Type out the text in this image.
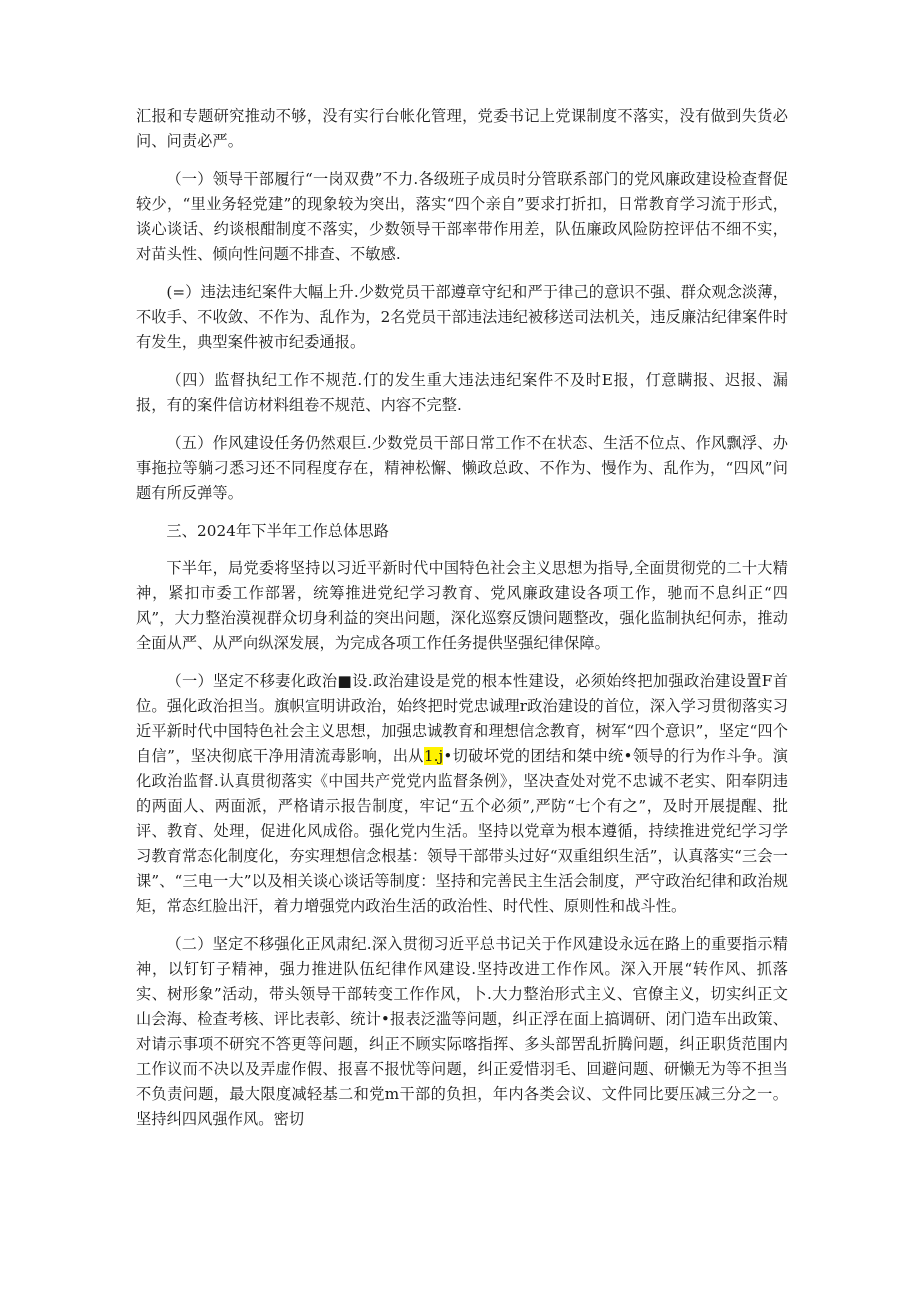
汇报和专题研究推动不够，没有实行台帐化管理，党委书记上党课制度不落实，没有做到失货必问、问责必严。

（一）领导干部履行“一岗双费”不力.各级班子成员时分管联系部门的党风廉政建设检查督促较少，“里业务轻党建”的现象较为突出，落实“四个亲自”要求打折扣，日常教育学习流于形式，谈心谈话、约谈根酣制度不落实，少数领导干部率带作用差，队伍廉政风险防控评估不细不实，对苗头性、倾向性问题不排查、不敏感.

(=）违法违纪案件大幅上升.少数党员干部遵章守纪和严于律己的意识不强、群众观念淡薄，不收手、不收敛、不作为、乱作为，2名党员干部违法违纪被移送司法机关，违反廉沽纪律案件时有发生，典型案件被市纪委通报。

（四）监督执纪工作不规范.仃的发生重大违法违纪案件不及时E报，仃意瞒报、迟报、漏报，有的案件信访材料组卷不规范、内容不完整.

（五）作风建设任务仍然艰巨.少数党员干部日常工作不在状态、生活不位点、作风飘浮、办事拖拉等躺刁悉习还不同程度存在，精神松懈、懒政总政、不作为、慢作为、乱作为，“四风”问题有所反弹等。

三、2024年下半年工作总体思路

下半年，局党委将坚持以习近平新时代中国特色社会主义思想为指导,全面贯彻党的二十大精神，紧扣市委工作部署，统筹推进党纪学习教育、党风廉政建设各项工作，驰而不息纠正“四风”，大力整治漠视群众切身利益的突出问题，深化巡察反馈问题整改，强化监制执纪何赤，推动全面从严、从严向纵深发展，为完成各项工作任务提供坚强纪律保障。

（一）坚定不移妻化政治■设.政治建设是党的根本性建设，必须始终把加强政治建设置F首位。强化政治担当。旗帜宣明讲政治，始终把时党忠诚理r政治建设的首位，深入学习贯彻落实习近平新时代中国特色社会主义思想，加强忠诚教育和理想信念教育，树军“四个意识”，坚定“四个自信”，坚决彻底干净用清流毒影响，出从1.j•切破坏党的团结和桀中统•领导的行为作斗争。演化政治监督.认真贯彻落实《中国共产党党内监督条例》，坚决查处对党不忠诚不老实、阳奉阴违的两面人、两面派，严格请示报告制度，牢记“五个必须”,严防“七个有之”，及时开展提醒、批评、教育、处理，促进化风成俗。强化党内生活。坚持以党章为根本遵循，持续推进党纪学习学习教育常态化制度化，夯实理想信念根基：领导干部带头过好“双重组织生活”，认真落实“三会一课”、“三电一大”以及相关谈心谈话等制度：坚持和完善民主生活会制度，严守政治纪律和政治规矩，常态红脸出汗，着力增强党内政治生活的政治性、时代性、原则性和战斗性。

（二）坚定不移强化正风肃纪.深入贯彻习近平总书记关于作风建设永远在路上的重要指示精神，以钉钉子精神，强力推进队伍纪律作风建设.坚持改进工作作风。深入开展“转作风、抓落实、树形象”活动，带头领导干部转变工作作风，卜.大力整治形式主义、官僚主义，切实纠正文山会海、检查考核、评比表彰、统计•报表泛滥等问题，纠正浮在面上搞调研、闭门造车出政策、对请示事项不研究不答更等问题，纠正不顾实际喀指挥、多头部罟乱折腾问题，纠正职货范围内工作议而不决以及弄虚作假、报喜不报忧等问题，纠正爱惜羽毛、回避问题、研懒无为等不担当不负责问题，最大限度减轻基二和党m干部的负担，年内各类会议、文件同比要压减三分之一。坚持纠四风强作风。密切
